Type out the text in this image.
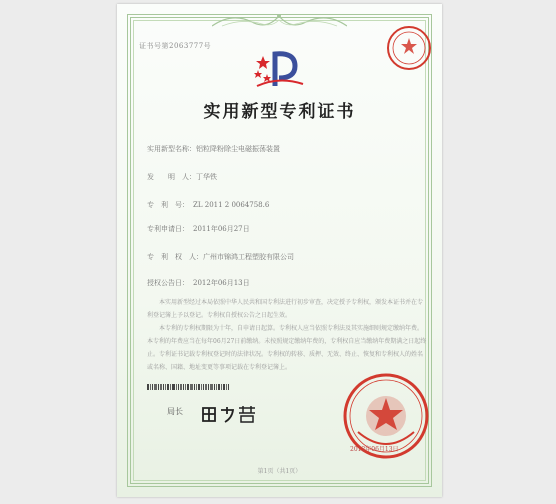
证书号第2063777号
实用新型专利证书
实用新型名称：铝粒降粉除尘电磁振荡装置
发　　明　人：丁华铁
专　利　号： ZL 2011 2 0064758.6
专利申请日： 2011年06月27日
专　利　权　人：广州市锦鸿工程塑胶有限公司
授权公告日： 2012年06月13日
本实用新型经过本局依照中华人民共和国专利法进行初步审查，决定授予专利权，颁发本证书并在专利登记簿上予以登记。专利权自授权公告之日起生效。
本专利的专利权期限为十年，自申请日起算。专利权人应当依照专利法及其实施细则规定缴纳年费。本专利的年费应当在每年06月27日前缴纳。未按照规定缴纳年费的，专利权自应当缴纳年费期满之日起终止。 专利证书记载专利权登记时的法律状况。专利权的转移、质押、无效、终止、恢复和专利权人的姓名或名称、国籍、地址变更等事项记载在专利登记簿上。
局长
2012年06月13日
第1页（共1页）
